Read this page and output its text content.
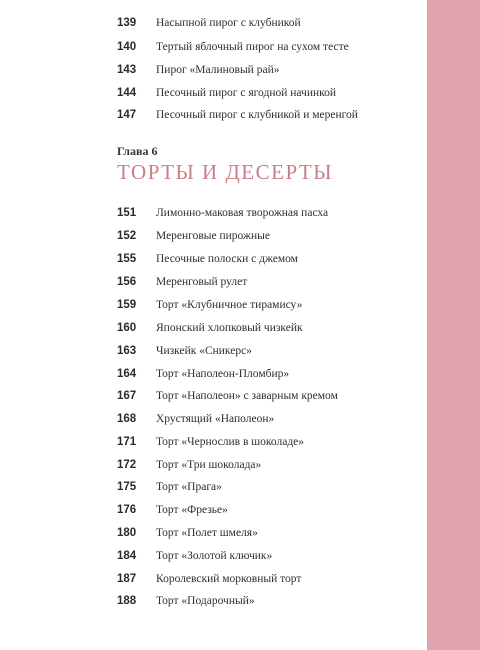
139 Насыпной пирог с клубникой
140 Тертый яблочный пирог на сухом тесте
143 Пирог «Малиновый рай»
144 Песочный пирог с ягодной начинкой
147 Песочный пирог с клубникой и меренгой
Глава 6
ТОРТЫ И ДЕСЕРТЫ
151 Лимонно-маковая творожная пасха
152 Меренговые пирожные
155 Песочные полоски с джемом
156 Меренговый рулет
159 Торт «Клубничное тирамису»
160 Японский хлопковый чизкейк
163 Чизкейк «Сникерс»
164 Торт «Наполеон-Пломбир»
167 Торт «Наполеон» с заварным кремом
168 Хрустящий «Наполеон»
171 Торт «Чернослив в шоколаде»
172 Торт «Три шоколада»
175 Торт «Прага»
176 Торт «Фрезье»
180 Торт «Полет шмеля»
184 Торт «Золотой ключик»
187 Королевский морковный торт
188 Торт «Подарочный»
